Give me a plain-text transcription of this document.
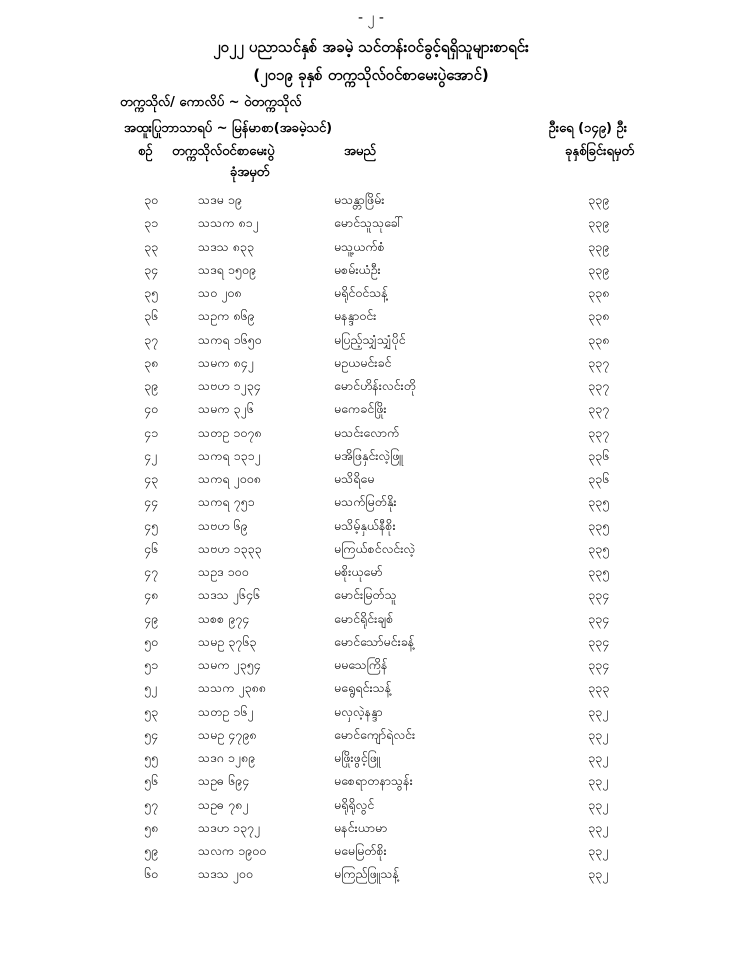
- ၂ -
၂၀၂၂ ပညာသင်နှစ် အခမဲ့ သင်တန်းဝင်ခွင့်ရရှိသူများစာရင်း
(၂၀၁၉ ခုနှစ် တက္ကသိုလ်ဝင်စာမေးပွဲအောင်)
တက္ကသိုလ်/ ကောလိပ် ~ ဝဲတက္ကသိုလ်
အထူးပြုဘာသာရပ် ~ မြန်မာစာ(အခမဲ့သင်)	ဦးရေ (၁၄၉) ဦး
စဉ် တက္ကသိုလ်ဝင်စာမေးပွဲ
ခုံအမှတ်
အမည်	ခုနှစ်ခြင်းရမှတ်
၃၀	သဒမ ၁၉	မသန္တာဖြိမ်း	၃၃၉
၃၁	သသက ၈၁၂	မောင်သူသုခေါ်	၃၃၉
၃၃	သဒသ ၈၃၃	မသူ့ယက်စံ	၃၃၉
၃၄	သဒရ ၁၅၀၉	မစမ်းယံဦး	၃၃၉
၃၅	သဝ ၂၀၈	မရိုင်ဝင်သန့်	၃၃၈
၃၆	သဥက ၈၆၉	မနန္ဒာဝင်း	၃၃၈
၃၇	သကရ ၁၆၅၀	မပြည့်သျှံသျှံပိုင်	၃၃၈
၃၈	သမက ၈၄၂	မဥယမင်းခင်	၃၃၇
၃၉	သဗဟ ၁၂၃၄	မောင်ဟိန်းလင်းတို	၃၃၇
၄၀	သမက ၃၂၆	မကေခင်ဖြိုး	၃၃၇
၄၁	သတဥ ၁၀၇၈	မသင်းလောက်	၃၃၇
၄၂	သကရ ၁၃၁၂	မအိဖြနှင်းလဲ့ဖြူ	၃၃၆
၄၃	သကရ ၂၀၀၈	မသိရိမေ	၃၃၆
၄၄	သကရ ၇၅၁	မသက်မြတ်နိုး	၃၃၅
၄၅	သဗဟ ၆၉	မသိမ့်နှယ်နီစိုး	၃၃၅
၄၆	သဗဟ ၁၃၃၃	မကြယ်စင်လင်းလဲ့	၃၃၅
၄၇	သဥဒ ၁၀၀	မစိုးယုမော်	၃၃၅
၄၈	သဒသ ၂၆၄၆	မောင်းမြတ်သူ	၃၃၄
၄၉	သစစ ၉၇၄	မောင်ရိုင်းချစ်	၃၃၄
၅၀	သမဥ ၃၇၆၃	မောင်သော်မင်းခန့်	၃၃၄
၅၁	သမက ၂၃၅၄	မမသေကြိန်	၃၃၄
၅၂	သသက ၂၃၈၈	မရွေရင်းသန့်	၃၃၃
၅၃	သတဥ ၁၆၂	မလှလဲ့နန္ဒာ	၃၃၂
၅၄	သမဥ ၄၇၉၈	မောင်ကျော်ရဲလင်း	၃၃၂
၅၅	သဒဂ ၁၂၈၉	မဖြိုးဖွင့်ဖြူ	၃၃၂
၅၆	သဥဓ ၆၉၄	မစေရာတနာသွန်း	၃၃၂
၅၇	သဥဓ ၇၈၂	မရိုရိုလွင်	၃၃၂
၅၈	သဒဟ ၁၃၇၂	မနင်းယာမာ	၃၃၂
၅၉	သလက ၁၉၀၀	မမေမြတ်စိုး	၃၃၂
၆၀	သဒသ ၂၀၀	မကြည်ဖြူသန့်	၃၃၂
